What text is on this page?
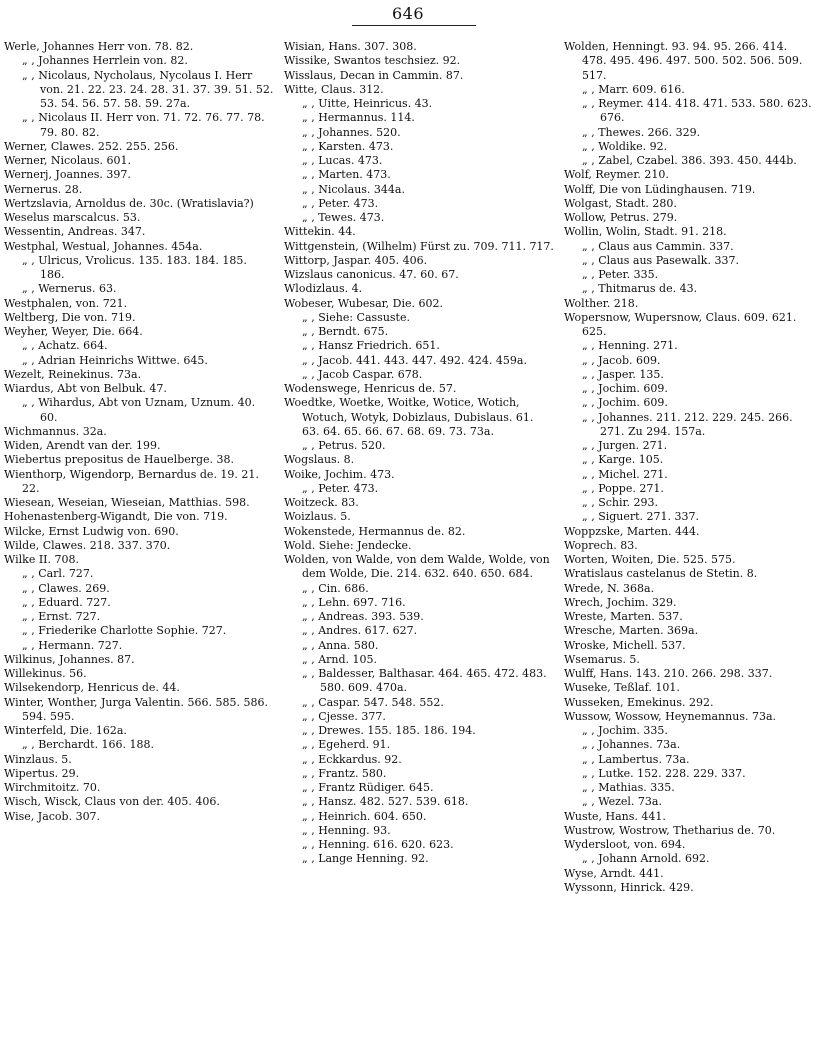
646
Werle, Johannes Herr von. 78. 82.
„ , Johannes Herrlein von. 82.
„ , Nicolaus, Nycholaus, Nycolaus I. Herr von. 21. 22. 23. 24. 28. 31. 37. 39. 51. 52. 53. 54. 56. 57. 58. 59. 27a.
„ , Nicolaus II. Herr von. 71. 72. 76. 77. 78. 79. 80. 82.
Werner, Clawes. 252. 255. 256.
Werner, Nicolaus. 601.
Wernerj, Joannes. 397.
Wernerus. 28.
Wertzslavia, Arnoldus de. 30c. (Wratislavia?)
Weselus marscalcus. 53.
Wessentin, Andreas. 347.
Westphal, Westual, Johannes. 454a.
„ , Ulricus, Vrolicus. 135. 183. 184. 185. 186.
„ , Wernerus. 63.
Westphalen, von. 721.
Weltberg, Die von. 719.
Weyher, Weyer, Die. 664.
„ , Achatz. 664.
„ , Adrian Heinrichs Wittwe. 645.
Wezelt, Reinekinus. 73a.
Wiardus, Abt von Belbuk. 47.
„ , Wihardus, Abt von Uznam, Uznum. 40. 60.
Wichmannus. 32a.
Widen, Arendt van der. 199.
Wiebertus prepositus de Hauelberge. 38.
Wienthorp, Wigendorp, Bernardus de. 19. 21. 22.
Wiesean, Weseian, Wieseian, Matthias. 598.
Hohenastenberg-Wigandt, Die von. 719.
Wilcke, Ernst Ludwig von. 690.
Wilde, Clawes. 218. 337. 370.
Wilke II. 708.
„ , Carl. 727.
„ , Clawes. 269.
„ , Eduard. 727.
„ , Ernst. 727.
„ , Friederike Charlotte Sophie. 727.
„ , Hermann. 727.
Wilkinus, Johannes. 87.
Willekinus. 56.
Wilsekendorp, Henricus de. 44.
Winter, Wonther, Jurga Valentin. 566. 585. 586. 594. 595.
Winterfeld, Die. 162a.
„ , Berchardt. 166. 188.
Winzlaus. 5.
Wipertus. 29.
Wirchmitoitz. 70.
Wisch, Wisck, Claus von der. 405. 406.
Wise, Jacob. 307.
Wisian, Hans. 307. 308.
Wissike, Swantos teschsiez. 92.
Wisslaus, Decan in Cammin. 87.
Witte, Claus. 312.
„ , Uitte, Heinricus. 43.
„ , Hermannus. 114.
„ , Johannes. 520.
„ , Karsten. 473.
„ , Lucas. 473.
„ , Marten. 473.
„ , Nicolaus. 344a.
„ , Peter. 473.
„ , Tewes. 473.
Wittekin. 44.
Wittgenstein, (Wilhelm) Fürst zu. 709. 711. 717.
Wittorp, Jaspar. 405. 406.
Wizslaus canonicus. 47. 60. 67.
Wlodizlaus. 4.
Wobeser, Wubesar, Die. 602.
„ , Siehe: Cassuste.
„ , Berndt. 675.
„ , Hansz Friedrich. 651.
„ , Jacob. 441. 443. 447. 492. 424. 459a.
„ , Jacob Caspar. 678.
Wodenswege, Henricus de. 57.
Woedtke, Woetke, Woitke, Wotice, Wotich, Wotuch, Wotyk, Dobizlaus, Dubislaus. 61. 63. 64. 65. 66. 67. 68. 69. 73. 73a.
„ , Petrus. 520.
Wogslaus. 8.
Woike, Jochim. 473.
„ , Peter. 473.
Woitzeck. 83.
Woizlaus. 5.
Wokenstede, Hermannus de. 82.
Wold. Siehe: Jendecke.
Wolden, von Walde, von dem Walde, Wolde, von dem Wolde, Die. 214. 632. 640. 650. 684.
„ , Cin. 686.
„ , Lehn. 697. 716.
„ , Andreas. 393. 539.
„ , Andres. 617. 627.
„ , Anna. 580.
„ , Arnd. 105.
„ , Baldesser, Balthasar. 464. 465. 472. 483. 580. 609. 470a.
„ , Caspar. 547. 548. 552.
„ , Cjesse. 377.
„ , Drewes. 155. 185. 186. 194.
„ , Egeherd. 91.
„ , Eckkardus. 92.
„ , Frantz. 580.
„ , Frantz Rüdiger. 645.
„ , Hansz. 482. 527. 539. 618.
„ , Heinrich. 604. 650.
„ , Henning. 93.
„ , Henning. 616. 620. 623.
„ , Lange Henning. 92.
Wolden, Henningt. 93. 94. 95. 266. 414. 478. 495. 496. 497. 500. 502. 506. 509. 517.
„ , Marr. 609. 616.
„ , Reymer. 414. 418. 471. 533. 580. 623. 676.
„ , Thewes. 266. 329.
„ , Woldike. 92.
„ , Zabel, Czabel. 386. 393. 450. 444b.
Wolf, Reymer. 210.
Wolff, Die von Lüdinghausen. 719.
Wolgast, Stadt. 280.
Wollow, Petrus. 279.
Wollin, Wolin, Stadt. 91. 218.
„ , Claus aus Cammin. 337.
„ , Claus aus Pasewalk. 337.
„ , Peter. 335.
„ , Thitmarus de. 43.
Wolther. 218.
Wopersnow, Wupersnow, Claus. 609. 621. 625.
„ , Henning. 271.
„ , Jacob. 609.
„ , Jasper. 135.
„ , Jochim. 609.
„ , Jochim. 609.
„ , Johannes. 211. 212. 229. 245. 266. 271. Zu 294. 157a.
„ , Jurgen. 271.
„ , Karge. 105.
„ , Michel. 271.
„ , Poppe. 271.
„ , Schir. 293.
„ , Siguert. 271. 337.
Woppzske, Marten. 444.
Woprech. 83.
Worten, Woiten, Die. 525. 575.
Wratislaus castelanus de Stetin. 8.
Wrede, N. 368a.
Wrech, Jochim. 329.
Wreste, Marten. 537.
Wresche, Marten. 369a.
Wroske, Michell. 537.
Wsemarus. 5.
Wulff, Hans. 143. 210. 266. 298. 337.
Wuseke, Teßlaf. 101.
Wusseken, Emekinus. 292.
Wussow, Wossow, Heynemannus. 73a.
„ , Jochim. 335.
„ , Johannes. 73a.
„ , Lambertus. 73a.
„ , Lutke. 152. 228. 229. 337.
„ , Mathias. 335.
„ , Wezel. 73a.
Wuste, Hans. 441.
Wustrow, Wostrow, Thetharius de. 70.
Wydersloot, von. 694.
„ , Johann Arnold. 692.
Wyse, Arndt. 441.
Wyssonn, Hinrick. 429.
